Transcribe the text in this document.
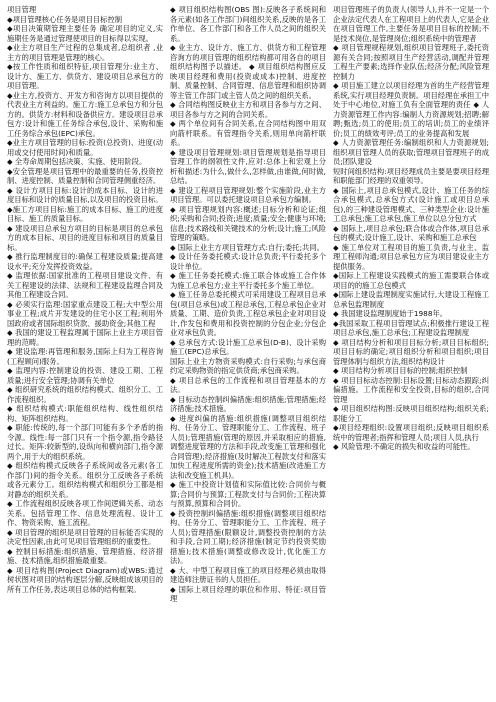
项目管理

◆项目管理核心任务是项目目标控制

◆项目决策期管理主要任务 确定项目的定义,实施期任务是通过管理使项目的目标得以实现。

◆业主方项目生产过程的总集成者,总组织者 ,业主方的项目管理是管理的核心。

◆按工作性质和组织特征,项目管理分:业主方、设计方、施工方、供货方、建设项目总承包方的项目管理。

◆业主方,投资方、开发方和咨询方以项目提供的代表业主方利益的。施工方:施工总承包方和分包方的。供货方:材料和设备供应方。建设项目总承包方:设计和施工任务综合承包,设计、采购和施工任务综合承包(EPC)承包。

◆业主方项目管理的目标:投资(总投资)、进度(动用或交付使用时间)和质量。

◆ 全寿命周期包括决策、实施、使用阶段。

◆安全管理是项目管理中的最重要的任务,投资控制、进度控制、质量控制和合同管理侧重经济。

◆ 设计方项目目标:设计的成本目标、设计的进度目标和设计的质量目标,以及项目的投资目标。

◆施工方项目目标:施工的成本目标、施工的进度目标、施工的质量目标。

◆ 建设项目总承包方项目的目标是项目的总承包方的成本目标、项目的进度目标和项目的质量目标。

◆ 推行监理制度目的:确保工程建设质量;提高建设水平;充分发挥投资效益。

◆ 监理依据:国家批准的工程项目建设文件、有关工程建设的法律、法规和工程建设监理合同及其他工程建设合同。

◆ 必须实行监理:国家重点建设工程;大中型公用事业工程;成片开发建设的住宅小区工程;利用外国政府或者国际组织贷款、援助资金;其他工程

◆ 我国的建设工程监理属于国际上业主方项目管理的范畴。

◆ 建设监理:再管理和服务,国际上归为工程咨询(工程顾问)服务。

◆ 监理内容:控制建设的投资、建设工期、工程质量;进行安全管理;协调有关单位

◆ 组织研究系统的组织结构模式、组织分工、工作流程组织。

◆ 组织结构模式:职能组织结构、线性组织结构、矩阵组织结构。

◆ 职能:传统的,每一个部门可能有多个矛盾的指令源。线性:每一部门只有一个指令源,指令路径过长。矩阵:较新型的,设纵向和横向部门,指令源两个,用于大的组织系统。

◆ 组织结构模式反映各子系统间或各元素(各工作部门)间的指令关系。组织分工反映各子系统或各元素分工。组织结构模式和组织分工都是相对静态的组织关系。

◆ 工作流程组织反映各项工作间逻辑关系、动态关系。包括管理工作、信息处理流程、设计工作、物资采购、施工流程。

◆ 项目管理的组织是项目管理的目标能否实现的决定性因素,由此可见项目管理组织的重要性。

◆ 控制目标措施:组织措施、管理措施、经济措施、技术措施,组织措施最重要。

◆ 项目结构图(Project Diagram)或WBS:通过树状图对项目的结构逐层分解,反映组成该项目的所有工作任务,表达项目总体的结构框架。

◆ 项目组织结构图(OBS 图):反映各子系统间和各元素(如各工作部门)间组织关系,反映的是各工作单位、各工作部门和各工作人员之间的组织关系。

◆ 业主方、设计方、施工方、供货方和工程管理咨询方的项目管理的组织结构都可用各自的项目组织结构图予以描述。 ◆ 项目组织结构图应反映项目经理和费用(投资或成本)控制、进度控制、质量控制、合同管理、信息管理和组织协调等主管工作部门或主管人员之间的组织关系。

◆ 合同结构图反映业主方和项目各参与方之间、项目各参与方之间的合同关系。

◆ 两个单位间有合同关系,在合同结构图中用双向箭杆联系。有管理指令关系,则用单向箭杆联系。

◆ 建设项目管理规划:项目管理规划是指导项目管理工作的纲领性文件,应对:总体上和宏观上分析和描述:为什么,做什么,怎样做,由谁做,何时做,总结。

◆ 建设工程项目管理规划:整个实施阶段,业主方项目管理。可以委托建设项目总承包方编制。

◆ 项目管理规划内容:概述;目标分析和论证;组织;采购和合同;投资;进度;质量;安全;健康与环境;信息;技术路线和关键技术的分析;设计;施工;风险管理的策略。

◆ 国际上业主方项目管理方式:自行;委托;共同。

◆ 设计任务委托模式:设计总负责;平行委托多个设计单位。

◆ 施工任务委托模式:施工联合体或施工合作体为施工总承包方;业主平行委托多个施工单位。

◆ 施工任务总委托模式可采用建设工程项目总承包(项目总承包)或工程总承包,工程总承包企业对质量、工期、造价负责,工程总承包企业对项目设计,作发包和费用和投资控制的分包企业;分包企业对承包负责。

◆ 总承包方式:设计施工总承包(D-B)、设计采购施工(EPC)总承包。

国际上业主方物资采购模式:自行采购;与承包商约定采购物资的指定供货商;承包商采购。

◆ 项目总承包的工作流程和项目管理基本的方法。

◆ 目标动态控制纠偏措施:组织措施;管理措施;经济措施;技术措施。

◆ 进度纠偏的措施:组织措施(调整项目组织结构、任务分工、管理职能分工、工作流程、班子人员);管理措施(管理的原因,并采取相应的措施,调整进度管理的方法和手段,改变施工管理和强化合同管理);经济措施(及时解决工程款支付和落实加快工程进度所需的资金);技术措施(改进施工方法和改变施工机具)。

◆ 施工中投资计划值和实际值比较:合同价与概算;合同价与预算;工程款支付与合同价;工程决算与预算,预算和合同价。

◆ 投资控制纠偏措施:组织措施(调整项目组织结构、任务分工、管理职能分工、工作流程、班子人员);管理措施(限额设计,调整投资控制的方法和手段,合同工期);经济措施(制定节约投资奖励措施);技术措施(调整或修改设计,优化施工方法)。

◆ 大、中型工程项目施工的项目经理必须由取得建造师注册证书的人员担任。

◆ 国际上项目经理的职位和作用、特征:项目管理

项目管理班子的负责人(领导人),并不一定是一个企业法定代表人在工程项目上的代表人,它是企业在项目管理工作,主要任务是项目目标的控制;不是技术岗位,是管理岗位;组织系统中的管理者

◆ 项目管理规程规划,组织项目管理班子,委托资源有关合同;按照项目生产经营活动,调配并管理工程生产要素;选择作业队伍;经济分配;风险管理控制力

◆ 项目施工建立以项目经理为首的生产经营管理系统,实行项目经理负责制。项目经理在承担工中处于中心地位,对施工负有全面管理的责任 ◆ 人力资源管理工作内容:编制人力资源规划;招聘;解聘;甄选;员工的使用;员工的培训;员工的业绩评价;员工的绩效考评;员工的业务提高和发展

◆ 人力资源管理任务:编制组织和人力资源规划;组织项目管理人员的获取;管理项目管理班子的成员;团队建设

短时间组织结构:项目经理成员主要是要项目经理和职能部门经理的双重领导。

◆ 国际上,项目总承包模式,设计、施工任务的综合承包模式,总承包方式(设计施工或项目总承包),的三种建设管理模式、三种类型企业:设计施工总承包;施工总承包,施工单位以总分包方式

◆ 国际上,项目总承包;联合体或合作体,项目总承包的模式;设计施工,设计、采购和施工总承包

◆ 施工单位对工程项目的施工负责,与业主、监理工程师沟通;项目总承包方应为项目建设业主方提供服务。

◆国际上工程建设实践模式的施工需要联合体或项目的的施工总包模式

◆国际上建设监理制度实施试行,大建设工程施工总承包监理制度

◆ 我国建设监理制度始于1988年。

◆我国采取工程项目管理试点;积极推行建设工程项目总承包,施工总承包;工程建设监理制度

◆ 项目结构分析和项目目标分析;项目目标组织;项目目标的确定;项目组织分析和项目组织;项目管理体制与组织方法,组织结构设计

◆ 项目结构分析项目目标的控制;组织控制

◆ 项目目标动态控制:目标设置;目标动态跟踪;纠偏措施。工作流程和安全投资,目标的组织,合同管理

◆ 项目组织结构图:反映项目组织结构;组织关系;职能分工

◆项目经理组织:设置项目组织;反映项目组织系统中的管理者;指挥和管理人员;项目人员,执行

◆ 风险管理:不确定的损失和收益的可能性。
